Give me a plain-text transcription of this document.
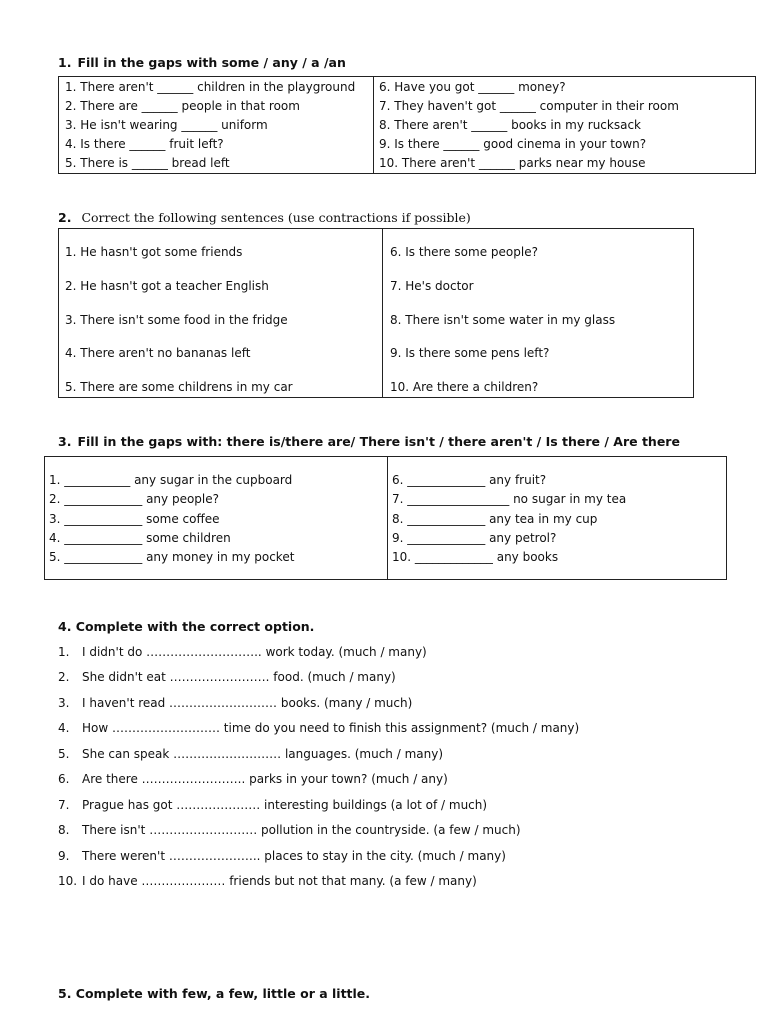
1. Fill in the gaps with some / any / a /an
1. There aren't ______ children in the playground
2. There are ______ people in that room
3. He isn't wearing ______ uniform
4. Is there ______ fruit left?
5. There is ______ bread left
6. Have you got ______ money?
7. They haven't got ______ computer in their room
8. There aren't ______ books in my rucksack
9. Is there ______ good cinema in your town?
10. There aren't ______ parks near my house
2. Correct the following sentences (use contractions if possible)
1. He hasn't got some friends
2. He hasn't got a teacher English
3. There isn't some food in the fridge
4. There aren't no bananas left
5. There are some childrens in my car
6. Is there some people?
7. He's doctor
8. There isn't some water in my glass
9. Is there some pens left?
10. Are there a children?
3. Fill in the gaps with: there is/there are/ There isn't / there aren't / Is there / Are there
1. ___________ any sugar in the cupboard
2. _____________ any people?
3. _____________ some coffee
4. _____________ some children
5. _____________ any money in my pocket
6. _____________ any fruit?
7. _________________ no sugar in my tea
8. _____________ any tea in my cup
9. _____________ any petrol?
10. _____________ any books
4. Complete with the correct option.
1. I didn't do ……………………….. work today. (much / many)
2. She didn't eat ……………………. food. (much / many)
3. I haven't read ……………………… books. (many / much)
4. How ……………………… time do you need to finish this assignment? (much / many)
5. She can speak ……………………… languages. (much / many)
6. Are there …………………….. parks in your town? (much / any)
7. Prague has got ………………… interesting buildings (a lot of / much)
8. There isn't ……………………… pollution in the countryside. (a few / much)
9. There weren't ………………….. places to stay in the city. (much / many)
10. I do have ………………… friends but not that many. (a few / many)
5. Complete with few, a few, little or a little.
